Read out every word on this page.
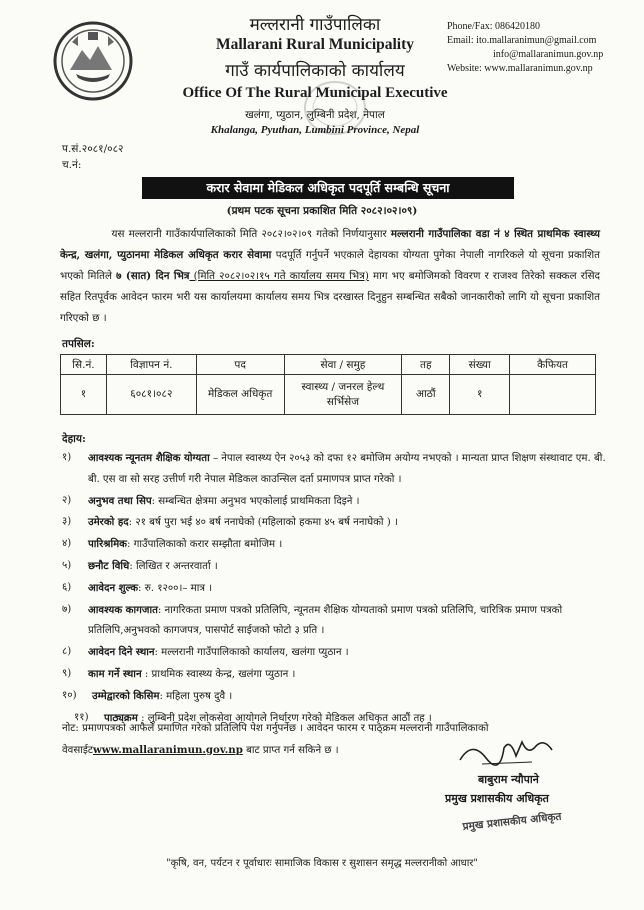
मल्लरानी गाउँपालिका
Mallarani Rural Municipality
गाउँ कार्यपालिकाको कार्यालय
Office Of The Rural Municipal Executive
खलंगा, प्युठान, लुम्बिनी प्रदेश, नेपाल
Khalanga, Pyuthan, Lumbini Province, Nepal
Phone/Fax: 086420180
Email: ito.mallaranimun@gmail.com
info@mallaranimun.gov.np
Website: www.mallaranimun.gov.np
प.सं.२०८१/०८२
च.नं:
करार सेवामा मेडिकल अधिकृत पदपूर्ति सम्बन्धि सूचना
(प्रथम पटक सूचना प्रकाशित मिति २०८२।०२।०९)
     यस मल्लरानी गाउँकार्यपालिकाको मिति २०८२।०२।०९ गतेको निर्णयानुसार मल्लरानी गाउँपालिका वडा नं ४ स्थित प्राथमिक स्वास्थ्य केन्द्र, खलंगा, प्युठानमा मेडिकल अधिकृत करार सेवामा पदपूर्ति गर्नुपर्ने भएकाले देहायका योग्यता पुगेका नेपाली नागरिकले यो सूचना प्रकाशित भएको मितिले ७ (सात) दिन भित्र (मिति २०८२।०२।१५ गते कार्यालय समय भित्र) माग भए बमोजिमको विवरण र राजश्व तिरेको सक्कल रसिद सहित रितपूर्वक आवेदन फारम भरी यस कार्यालयमा कार्यालय समय भित्र दरखास्त दिनुहुन सम्बन्धित सबैको जानकारीको लागि यो सूचना प्रकाशित गरिएको छ ।
तपसिल:
सि.नं.	विज्ञापन नं.	पद	सेवा / समुह	तह	संख्या	कैफियत
१	६०८१।०८२	मेडिकल अधिकृत	स्वास्थ्य / जनरल हेल्थ सर्भिसेज	आठौं	१	
देहाय:
१)	आवश्यक न्यूनतम शैक्षिक योग्यता – नेपाल स्वास्थ्य ऐन २०५३ को दफा १२ बमोजिम अयोग्य नभएको । मान्यता प्राप्त शिक्षण संस्थावाट एम. बी. बी. एस वा सो सरह उत्तीर्ण गरी नेपाल मेडिकल काउन्सिल दर्ता प्रमाणपत्र प्राप्त गरेको ।
२)	अनुभव तथा सिप: सम्बन्धित क्षेत्रमा अनुभव भएकोलाई प्राथमिकता दिइने ।
३)	उमेरको हद: २१ बर्ष पुरा भई ४० बर्ष ननाघेको (महिलाको हकमा ४५ बर्ष ननाघेको ) ।
४)	पारिश्रमिक: गाउँपालिकाको करार सम्झौता बमोजिम ।
५)	छनौट विधि: लिखित र अन्तरवार्ता ।
६)	आवेदन शुल्क: रु. १२००।– मात्र ।
७)	आवश्यक कागजात: नागरिकता प्रमाण पत्रको प्रतिलिपि, न्यूनतम शैक्षिक योग्यताको प्रमाण पत्रको प्रतिलिपि, चारित्रिक प्रमाण पत्रको प्रतिलिपि,अनुभवको कागजपत्र, पासपोर्ट साईजको फोटो ३ प्रति ।
८)	आवेदन दिने स्थान: मल्लरानी गाउँपालिकाको कार्यालय, खलंगा प्युठान ।
९)	काम गर्ने स्थान : प्राथमिक स्वास्थ्य केन्द्र, खलंगा प्युठान ।
१०)	उम्मेद्वारको किसिम: महिला पुरुष दुवै ।
११)	पाठ्यक्रम : लुम्बिनी प्रदेश लोकसेवा आयोगले निर्धारण गरेको मेडिकल अधिकृत आठौं तह ।
नोट: प्रमाणपत्रको आफैले प्रमाणित गरेको प्रतिलिपि पेश गर्नुपर्नेछ । आवेदन फारम र पाठ्क्रम मल्लरानी गाउँपालिकाको वेवसाईटwww.mallaranimun.gov.np बाट प्राप्त गर्न सकिने छ ।
बाबुराम न्यौपाने
प्रमुख प्रशासकीय अधिकृत
प्रमुख प्रशासकीय अधिकृत
"कृषि, वन, पर्यटन र पूर्वाधारः सामाजिक विकास र सुशासन समृद्ध मल्लरानीको आधार"
